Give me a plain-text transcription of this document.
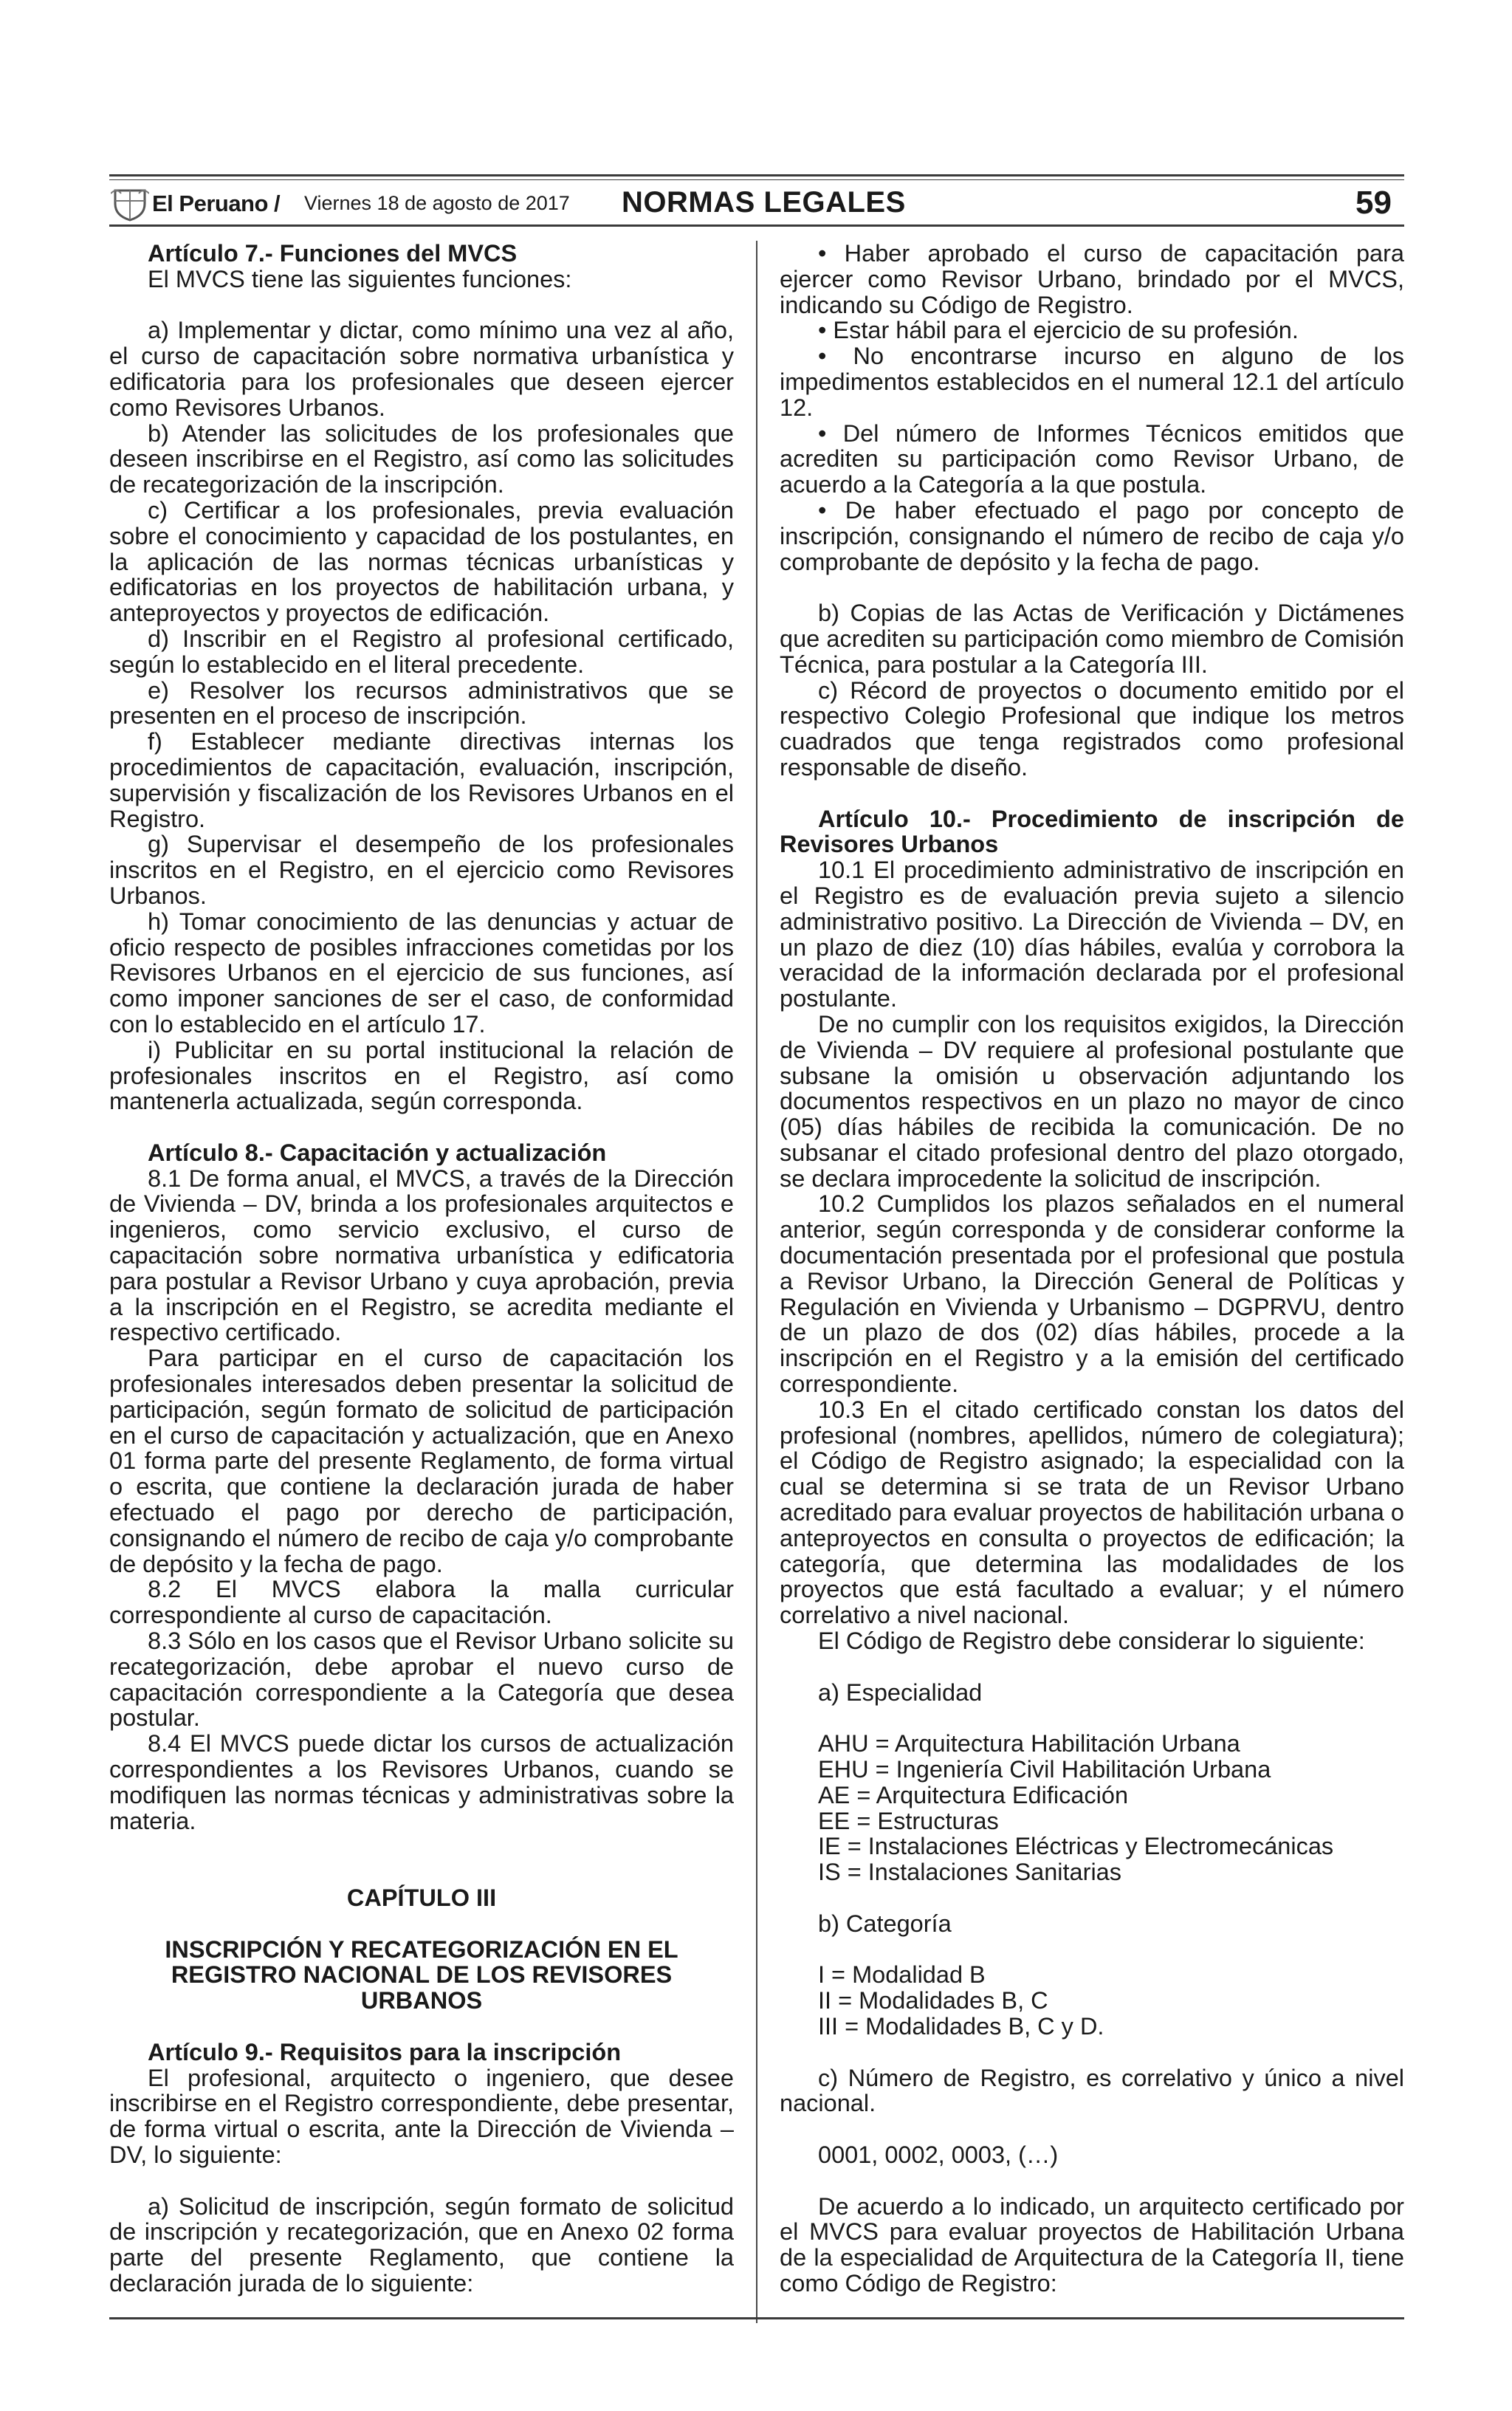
El Peruano / Viernes 18 de agosto de 2017 NORMAS LEGALES	59

Artículo 7.- Funciones del MVCS

El MVCS tiene las siguientes funciones:

a) Implementar y dictar, como mínimo una vez al año, el curso de capacitación sobre normativa urbanística y edificatoria para los profesionales que deseen ejercer como Revisores Urbanos.

b) Atender las solicitudes de los profesionales que deseen inscribirse en el Registro, así como las solicitudes de recategorización de la inscripción.

c) Certificar a los profesionales, previa evaluación sobre el conocimiento y capacidad de los postulantes, en la aplicación de las normas técnicas urbanísticas y edificatorias en los proyectos de habilitación urbana, y anteproyectos y proyectos de edificación.

d) Inscribir en el Registro al profesional certificado, según lo establecido en el literal precedente.

e) Resolver los recursos administrativos que se presenten en el proceso de inscripción.

f) Establecer mediante directivas internas los procedimientos de capacitación, evaluación, inscripción, supervisión y fiscalización de los Revisores Urbanos en el Registro.

g) Supervisar el desempeño de los profesionales inscritos en el Registro, en el ejercicio como Revisores Urbanos.

h) Tomar conocimiento de las denuncias y actuar de oficio respecto de posibles infracciones cometidas por los Revisores Urbanos en el ejercicio de sus funciones, así como imponer sanciones de ser el caso, de conformidad con lo establecido en el artículo 17.

i) Publicitar en su portal institucional la relación de profesionales inscritos en el Registro, así como mantenerla actualizada, según corresponda.

Artículo 8.- Capacitación y actualización

8.1 De forma anual, el MVCS, a través de la Dirección de Vivienda – DV, brinda a los profesionales arquitectos e ingenieros, como servicio exclusivo, el curso de capacitación sobre normativa urbanística y edificatoria para postular a Revisor Urbano y cuya aprobación, previa a la inscripción en el Registro, se acredita mediante el respectivo certificado.

Para participar en el curso de capacitación los profesionales interesados deben presentar la solicitud de participación, según formato de solicitud de participación en el curso de capacitación y actualización, que en Anexo 01 forma parte del presente Reglamento, de forma virtual o escrita, que contiene la declaración jurada de haber efectuado el pago por derecho de participación, consignando el número de recibo de caja y/o comprobante de depósito y la fecha de pago.

8.2 El MVCS elabora la malla curricular correspondiente al curso de capacitación.

8.3 Sólo en los casos que el Revisor Urbano solicite su recategorización, debe aprobar el nuevo curso de capacitación correspondiente a la Categoría que desea postular.

8.4 El MVCS puede dictar los cursos de actualización correspondientes a los Revisores Urbanos, cuando se modifiquen las normas técnicas y administrativas sobre la materia.

CAPÍTULO III

INSCRIPCIÓN Y RECATEGORIZACIÓN EN EL REGISTRO NACIONAL DE LOS REVISORES URBANOS

Artículo 9.- Requisitos para la inscripción

El profesional, arquitecto o ingeniero, que desee inscribirse en el Registro correspondiente, debe presentar, de forma virtual o escrita, ante la Dirección de Vivienda – DV, lo siguiente:

a) Solicitud de inscripción, según formato de solicitud de inscripción y recategorización, que en Anexo 02 forma parte del presente Reglamento, que contiene la declaración jurada de lo siguiente:

• Haber aprobado el curso de capacitación para ejercer como Revisor Urbano, brindado por el MVCS, indicando su Código de Registro.

• Estar hábil para el ejercicio de su profesión.

• No encontrarse incurso en alguno de los impedimentos establecidos en el numeral 12.1 del artículo 12.

• Del número de Informes Técnicos emitidos que acrediten su participación como Revisor Urbano, de acuerdo a la Categoría a la que postula.

• De haber efectuado el pago por concepto de inscripción, consignando el número de recibo de caja y/o comprobante de depósito y la fecha de pago.

b) Copias de las Actas de Verificación y Dictámenes que acrediten su participación como miembro de Comisión Técnica, para postular a la Categoría III.

c) Récord de proyectos o documento emitido por el respectivo Colegio Profesional que indique los metros cuadrados que tenga registrados como profesional responsable de diseño.

Artículo 10.- Procedimiento de inscripción de Revisores Urbanos

10.1 El procedimiento administrativo de inscripción en el Registro es de evaluación previa sujeto a silencio administrativo positivo. La Dirección de Vivienda – DV, en un plazo de diez (10) días hábiles, evalúa y corrobora la veracidad de la información declarada por el profesional postulante.

De no cumplir con los requisitos exigidos, la Dirección de Vivienda – DV requiere al profesional postulante que subsane la omisión u observación adjuntando los documentos respectivos en un plazo no mayor de cinco (05) días hábiles de recibida la comunicación. De no subsanar el citado profesional dentro del plazo otorgado, se declara improcedente la solicitud de inscripción.

10.2 Cumplidos los plazos señalados en el numeral anterior, según corresponda y de considerar conforme la documentación presentada por el profesional que postula a Revisor Urbano, la Dirección General de Políticas y Regulación en Vivienda y Urbanismo – DGPRVU, dentro de un plazo de dos (02) días hábiles, procede a la inscripción en el Registro y a la emisión del certificado correspondiente.

10.3 En el citado certificado constan los datos del profesional (nombres, apellidos, número de colegiatura); el Código de Registro asignado; la especialidad con la cual se determina si se trata de un Revisor Urbano acreditado para evaluar proyectos de habilitación urbana o anteproyectos en consulta o proyectos de edificación; la categoría, que determina las modalidades de los proyectos que está facultado a evaluar; y el número correlativo a nivel nacional.

El Código de Registro debe considerar lo siguiente:

a) Especialidad

AHU = Arquitectura Habilitación Urbana

EHU = Ingeniería Civil Habilitación Urbana

AE = Arquitectura Edificación

EE = Estructuras

IE = Instalaciones Eléctricas y Electromecánicas

IS = Instalaciones Sanitarias

b) Categoría

I = Modalidad B

II = Modalidades B, C

III = Modalidades B, C y D.

c) Número de Registro, es correlativo y único a nivel nacional.

0001, 0002, 0003, (…)

De acuerdo a lo indicado, un arquitecto certificado por el MVCS para evaluar proyectos de Habilitación Urbana de la especialidad de Arquitectura de la Categoría II, tiene como Código de Registro:
